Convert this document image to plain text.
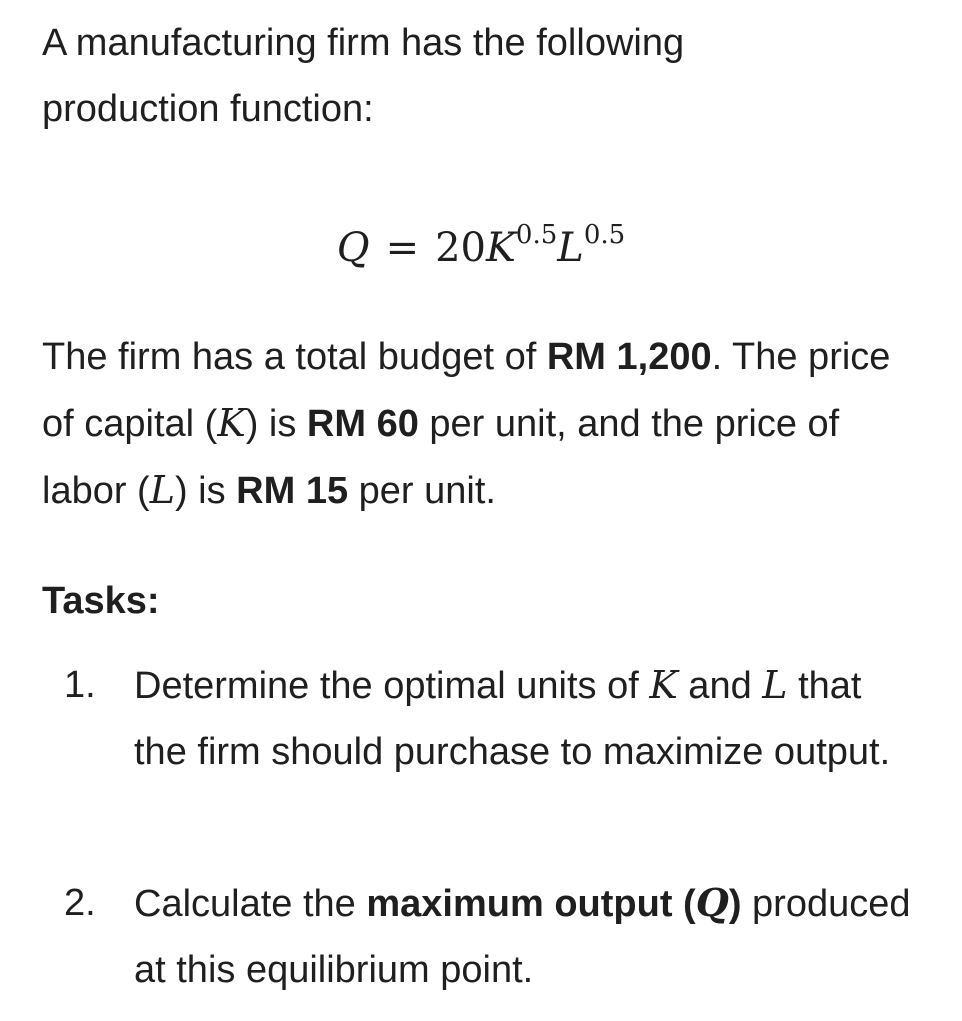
A manufacturing firm has the following production function:

$Q = 20K^{0.5}L^{0.5}$

The firm has a total budget of RM 1,200. The price of capital (K) is RM 60 per unit, and the price of labor (L) is RM 15 per unit.

Tasks:

1. Determine the optimal units of K and L that the firm should purchase to maximize output.
2. Calculate the maximum output (Q) produced at this equilibrium point.
